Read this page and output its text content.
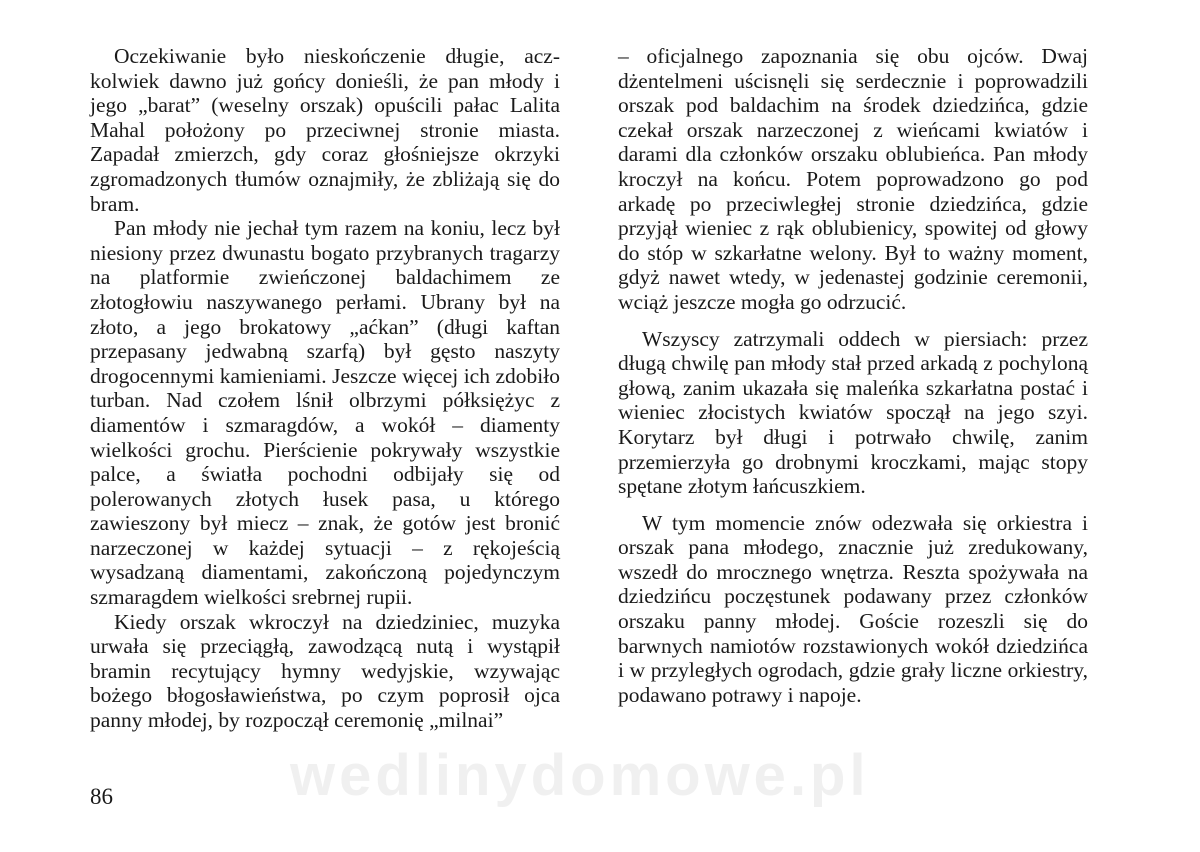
wedlinydomowe.pl

Oczekiwanie było nieskończenie długie, aczkolwiek dawno już gońcy donieśli, że pan młody i jego „barat” (weselny orszak) opuścili pałac Lalita Mahal położony po przeciwnej stronie miasta. Zapadał zmierzch, gdy coraz głośniejsze okrzyki zgromadzonych tłumów oznajmiły, że zbliżają się do bram.

Pan młody nie jechał tym razem na koniu, lecz był niesiony przez dwunastu bogato przybranych tragarzy na platformie zwieńczonej baldachimem ze złotogłowiu naszywanego perłami. Ubrany był na złoto, a jego brokatowy „aćkan” (długi kaftan przepasany jedwabną szarfą) był gęsto naszyty drogocennymi kamieniami. Jeszcze więcej ich zdobiło turban. Nad czołem lśnił olbrzymi półksiężyc z diamentów i szmaragdów, a wokół – diamenty wielkości grochu. Pierścienie pokrywały wszystkie palce, a światła pochodni odbijały się od polerowanych złotych łusek pasa, u którego zawieszony był miecz – znak, że gotów jest bronić narzeczonej w każdej sytuacji – z rękojeścią wysadzaną diamentami, zakończoną pojedynczym szmaragdem wielkości srebrnej rupii.

Kiedy orszak wkroczył na dziedziniec, muzyka urwała się przeciągłą, zawodzącą nutą i wystąpił bramin recytujący hymny wedyjskie, wzywając bożego błogosławieństwa, po czym poprosił ojca panny młodej, by rozpoczął ceremonię „milnai”

– oficjalnego zapoznania się obu ojców. Dwaj dżentelmeni uścisnęli się serdecznie i poprowadzili orszak pod baldachim na środek dziedzińca, gdzie czekał orszak narzeczonej z wieńcami kwiatów i darami dla członków orszaku oblubieńca. Pan młody kroczył na końcu. Potem poprowadzono go pod arkadę po przeciwległej stronie dziedzińca, gdzie przyjął wieniec z rąk oblubienicy, spowitej od głowy do stóp w szkarłatne welony. Był to ważny moment, gdyż nawet wtedy, w jedenastej godzinie ceremonii, wciąż jeszcze mogła go odrzucić.

Wszyscy zatrzymali oddech w piersiach: przez długą chwilę pan młody stał przed arkadą z pochyloną głową, zanim ukazała się maleńka szkarłatna postać i wieniec złocistych kwiatów spoczął na jego szyi. Korytarz był długi i potrwało chwilę, zanim przemierzyła go drobnymi kroczkami, mając stopy spętane złotym łańcuszkiem.

W tym momencie znów odezwała się orkiestra i orszak pana młodego, znacznie już zredukowany, wszedł do mrocznego wnętrza. Reszta spożywała na dziedzińcu poczęstunek podawany przez członków orszaku panny młodej. Goście rozeszli się do barwnych namiotów rozstawionych wokół dziedzińca i w przyległych ogrodach, gdzie grały liczne orkiestry, podawano potrawy i napoje.

86
